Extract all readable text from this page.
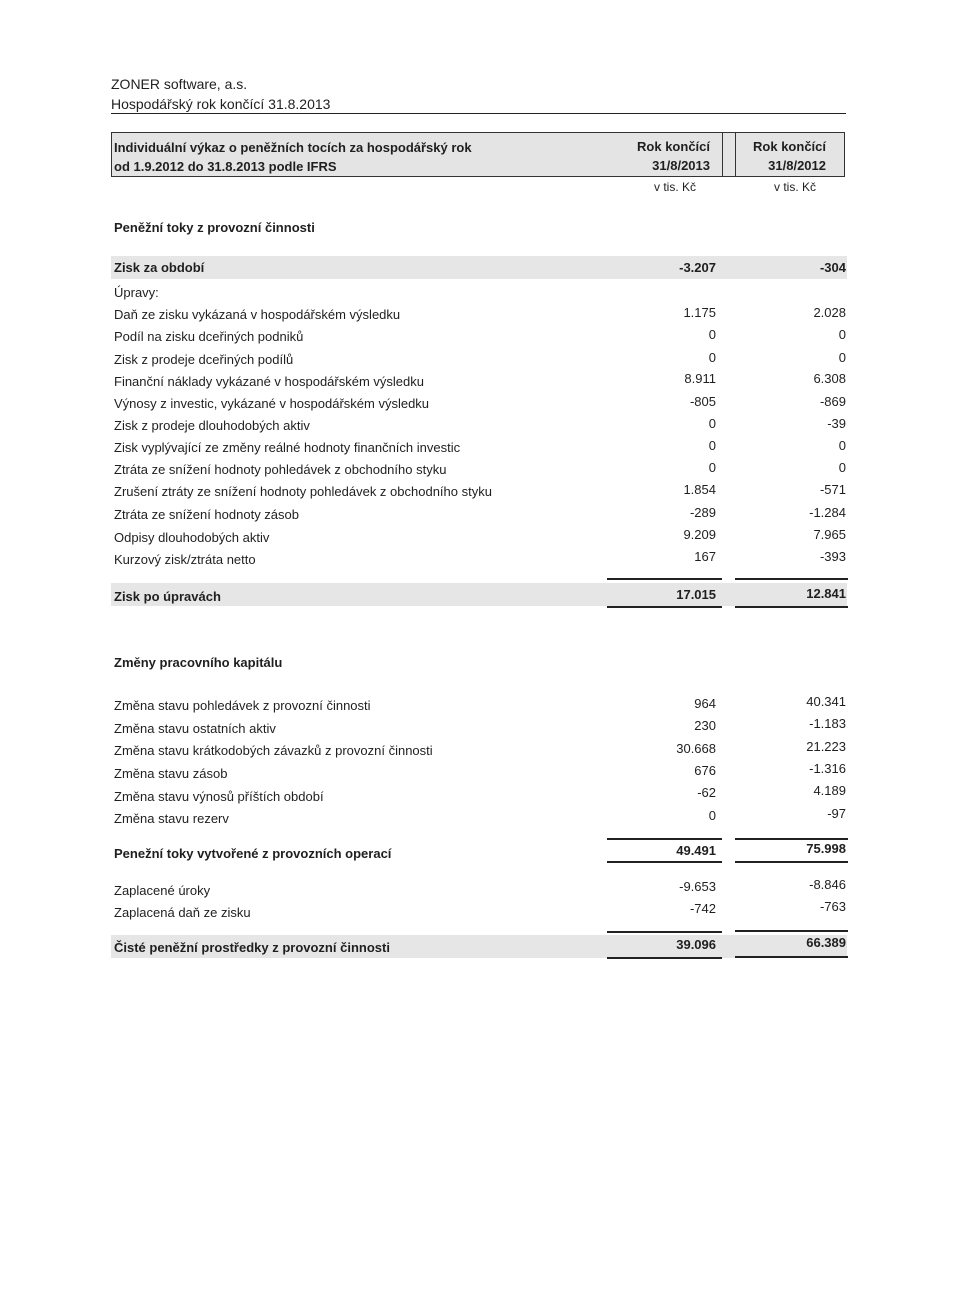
ZONER software, a.s.
Hospodářský rok končící 31.8.2013
Individuální výkaz o peněžních tocích za hospodářský rok
od 1.9.2012 do 31.8.2013 podle IFRS
Rok končící
31/8/2013
Rok končící
31/8/2012
v tis. Kč	v tis. Kč
Peněžní toky z provozní činnosti
Zisk za období	-3.207	-304
Úpravy:
Daň ze zisku vykázaná v hospodářském výsledku	1.175	2.028
Podíl na zisku dceřiných podniků	0	0
Zisk z prodeje dceřiných podílů	0	0
Finanční náklady vykázané v hospodářském výsledku	8.911	6.308
Výnosy z investic, vykázané v hospodářském výsledku	-805	-869
Zisk z prodeje dlouhodobých aktiv	0	-39
Zisk vyplývající ze změny reálné hodnoty finančních investic	0	0
Ztráta ze snížení hodnoty pohledávek z obchodního styku	0	0
Zrušení ztráty ze snížení hodnoty pohledávek z obchodního styku	1.854	-571
Ztráta ze snížení hodnoty zásob	-289	-1.284
Odpisy dlouhodobých aktiv	9.209	7.965
Kurzový zisk/ztráta netto	167	-393
Zisk po úpravách	17.015	12.841
Změny pracovního kapitálu
Změna stavu pohledávek z provozní činnosti	964	40.341
Změna stavu ostatních aktiv	230	-1.183
Změna stavu krátkodobých závazků z provozní činnosti	30.668	21.223
Změna stavu zásob	676	-1.316
Změna stavu výnosů příštích období	-62	4.189
Změna stavu rezerv	0	-97
Penežní toky vytvořené z provozních operací	49.491	75.998
Zaplacené úroky	-9.653	-8.846
Zaplacená daň ze zisku	-742	-763
Čisté peněžní prostředky z provozní činnosti	39.096	66.389
